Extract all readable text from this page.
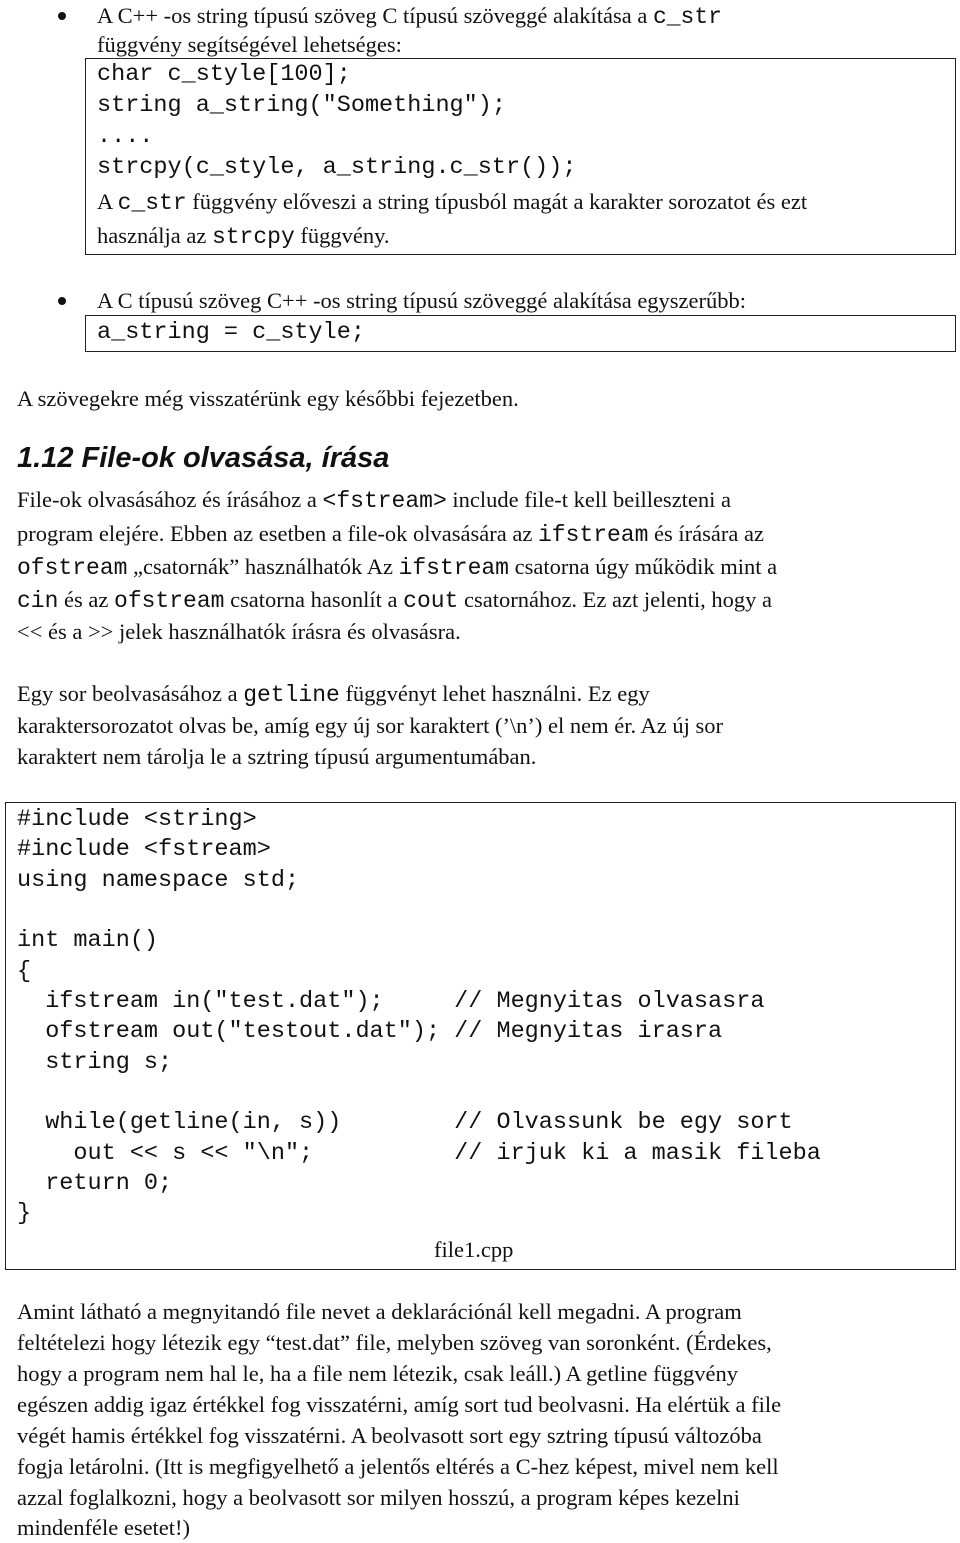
A C++ -os string típusú szöveg C típusú szöveggé alakítása a c_str
függvény segítségével lehetséges:
char c_style[100];
string a_string("Something");
....
strcpy(c_style, a_string.c_str());
A c_str függvény előveszi a string típusból magát a karakter sorozatot és ezt
használja az strcpy függvény.
A C típusú szöveg C++ -os string típusú szöveggé alakítása egyszerűbb:
a_string = c_style;
A szövegekre még visszatérünk egy későbbi fejezetben.
1.12 File-ok olvasása, írása
File-ok olvasásához és írásához a <fstream> include file-t kell beilleszteni a
program elejére. Ebben az esetben a file-ok olvasására az ifstream és írására az
ofstream „csatornák” használhatók Az ifstream csatorna úgy működik mint a
cin és az ofstream csatorna hasonlít a cout csatornához. Ez azt jelenti, hogy a
<< és a >> jelek használhatók írásra és olvasásra.
Egy sor beolvasásához a getline függvényt lehet használni. Ez egy
karaktersorozatot olvas be, amíg egy új sor karaktert (’\n’) el nem ér. Az új sor
karaktert nem tárolja le a sztring típusú argumentumában.
#include <string>
#include <fstream>
using namespace std;
int main()
{
ifstream in("test.dat");     // Megnyitas olvasasra
ofstream out("testout.dat"); // Megnyitas irasra
string s;
while(getline(in, s))        // Olvassunk be egy sort
out << s << "\n";          // irjuk ki a masik fileba
return 0;
}
file1.cpp
Amint látható a megnyitandó file nevet a deklarációnál kell megadni. A program
feltételezi hogy létezik egy “test.dat” file, melyben szöveg van soronként. (Érdekes,
hogy a program nem hal le, ha a file nem létezik, csak leáll.) A getline függvény
egészen addig igaz értékkel fog visszatérni, amíg sort tud beolvasni. Ha elértük a file
végét hamis értékkel fog visszatérni. A beolvasott sort egy sztring típusú változóba
fogja letárolni. (Itt is megfigyelhető a jelentős eltérés a C-hez képest, mivel nem kell
azzal foglalkozni, hogy a beolvasott sor milyen hosszú, a program képes kezelni
mindenféle esetet!)
